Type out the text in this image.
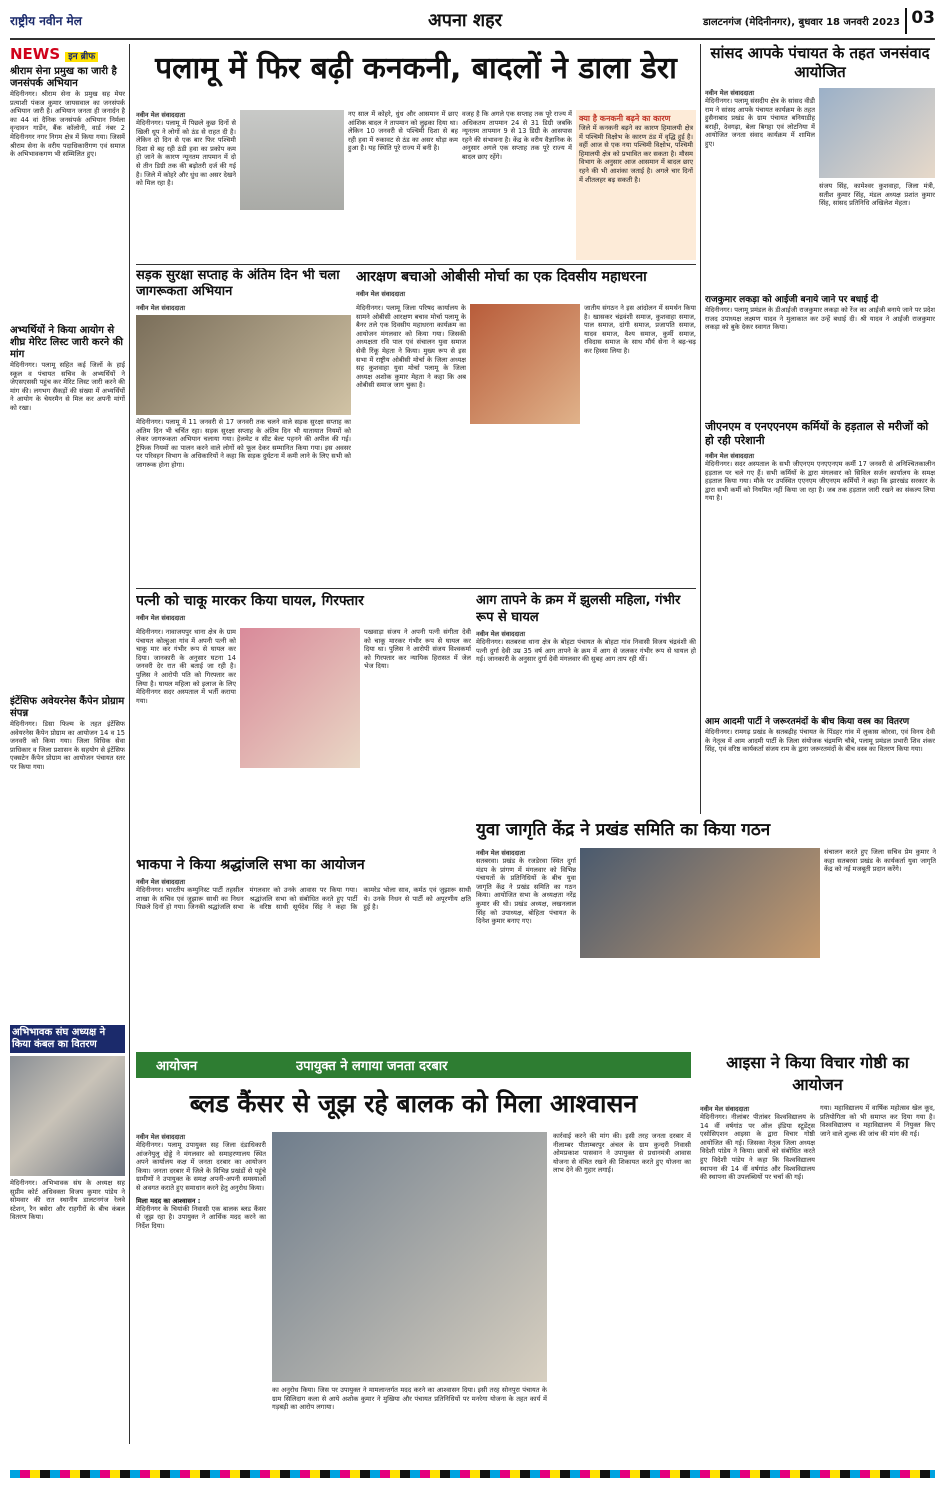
राष्ट्रीय नवीन मेल	अपना शहर	डालटनगंज (मेदिनीनगर), बुधवार 18 जनवरी 2023 03
NEWS इन ब्रीफ
श्रीराम सेना प्रमुख का जारी है जनसंपर्क अभियान
मेदिनीनगर। श्रीराम सेना के प्रमुख सह मेयर प्रत्याशी पंकज कुमार जायसवाल का जनसंपर्क अभियान जारी है। अभियान जनता ही जनार्दन है का 44 वां दैनिक जनसंपर्क अभियान निर्मला वृन्दावन गार्डेन, बैंक कॉलोनी, वार्ड नंबर 2 मेदिनीनगर नगर निगम क्षेत्र में किया गया। जिसमें श्रीराम सेना के वरीय पदाधिकारीगण एवं समाज के अभिभावकगण भी सम्मिलित हुए।
अभ्यर्थियों ने किया आयोग से शीघ्र मेरिट लिस्ट जारी करने की मांग
मेदिनीनगर। पलामू सहित कई जिलों के हाई स्कूल व पंचायत सचिव के अभ्यर्थियों ने जेएसएससी पहुंच कर मेरिट लिस्ट जारी करने की मांग की। लगभग सैकड़ों की संख्या में अभ्यर्थियों ने आयोग के चेयरमैन से मिल कर अपनी मांगों को रखा।
इंटेंसिफ अवेयरनेस कैंपेन प्रोग्राम संपन्न
मेदिनीनगर। डिसा फिल्म के तहत इंटेंसिफ अवेयरनेस कैंपेन प्रोग्राम का आयोजन 14 व 15 जनवरी को किया गया। जिला विधिक सेवा प्राधिकार व जिला प्रशासन के सहयोग से इंटेंसिफ एक्सटेन कैंपेन प्रोग्राम का आयोजन पंचायत स्तर पर किया गया।
अभिभावक संघ अध्यक्ष ने किया कंबल का वितरण
मेदिनीनगर। अभिभावक संघ के अध्यक्ष सह सुप्रीम कोर्ट अधिवक्ता विजय कुमार पांडेय ने सोमवार की रात स्थानीय डालटनगंज रेलवे स्टेशन, रैन बसेरा और राहगीरों के बीच कंबल वितरण किया।
पलामू में फिर बढ़ी कनकनी, बादलों ने डाला डेरा
नवीन मेल संवाददाता
मेदिनीनगर। पलामू में पिछले कुछ दिनों से खिली धूप ने लोगों को ठंड से राहत दी है। लेकिन दो दिन से एक बार फिर पश्चिमी दिशा से बह रही ठंडी हवा का प्रकोप कम हो जाने के कारण न्यूनतम तापमान में दो से तीन डिग्री तक की बढ़ोतरी दर्ज की गई है। जिले में कोहरे और धुंध का असर देखने को मिल रहा है।
नए साल में कोहरे, धुंध और आसमान में छाए आंशिक बादल ने तापमान को लुढ़का दिया था। लेकिन 10 जनवरी से पश्चिमी दिशा से बह रही हवा में रुकावट से ठंड का असर थोड़ा कम हुआ है। यह स्थिति पूरे राज्य में बनी है।
वजह है कि अगले एक सप्ताह तक पूरे राज्य में अधिकतम तापमान 24 से 31 डिग्री जबकि न्यूनतम तापमान 9 से 13 डिग्री के आसपास रहने की संभावना है। केंद्र के वरीय वैज्ञानिक के अनुसार अगले एक सप्ताह तक पूरे राज्य में बादल छाए रहेंगे।
क्या है कनकनी बढ़ने का कारण
जिले में कनकनी बढ़ने का कारण हिमालयी क्षेत्र में पश्चिमी विक्षोभ के कारण ठंड में वृद्धि हुई है। वहीं आज से एक नया पश्चिमी विक्षोभ, पश्चिमी हिमालयी क्षेत्र को प्रभावित कर सकता है। मौसम विभाग के अनुसार आज आसमान में बादल छाए रहने की भी आशंका जताई है। अगले चार दिनों में शीतलहर बढ़ सकती है।
सड़क सुरक्षा सप्ताह के अंतिम दिन भी चला जागरूकता अभियान
नवीन मेल संवाददाता
मेदिनीनगर। पलामू में 11 जनवरी से 17 जनवरी तक चलने वाले सड़क सुरक्षा सप्ताह का अंतिम दिन भी चर्चित रहा। सड़क सुरक्षा सप्ताह के अंतिम दिन भी यातायात नियमों को लेकर जागरूकता अभियान चलाया गया। हेलमेट व सीट बेल्ट पहनने की अपील की गई। ट्रैफिक नियमों का पालन करने वाले लोगों को फूल देकर सम्मानित किया गया। इस अवसर पर परिवहन विभाग के अधिकारियों ने कहा कि सड़क दुर्घटना में कमी लाने के लिए सभी को जागरूक होना होगा।
आरक्षण बचाओ ओबीसी मोर्चा का एक दिवसीय महाधरना
नवीन मेल संवाददाता
मेदिनीनगर। पलामू जिला परिषद कार्यालय के सामने ओबीसी आरक्षण बचाव मोर्चा पलामू के बैनर तले एक दिवसीय महाधरना कार्यक्रम का आयोजन मंगलवार को किया गया। जिसकी अध्यक्षता रवि पाल एवं संचालन युवा समाज सेवी रिंकू मेहता ने किया। मुख्य रूप से इस सभा में राष्ट्रीय ओबीसी मोर्चा के जिला अध्यक्ष सह कुशवाहा युवा मोर्चा पलामू के जिला अध्यक्ष अशोक कुमार मेहता ने कहा कि अब ओबीसी समाज जाग चुका है।
जातीय संगठन ने इस आंदोलन में समर्थन किया है। खासकर चंद्रवंशी समाज, कुशवाहा समाज, पाल समाज, दांगी समाज, प्रजापति समाज, यादव समाज, वैश्य समाज, कुर्मी समाज, रविदास समाज के साथ मौर्य सेना ने बढ़-चढ़ कर हिस्सा लिया है।
पत्नी को चाकू मारकर किया घायल, गिरफ्तार
नवीन मेल संवाददाता
मेदिनीनगर। नावाजयपुर थाना क्षेत्र के ग्राम पंचायत कोल्हुआ गांव में अपनी पत्नी को चाकू मार कर गंभीर रूप से घायल कर दिया। जानकारी के अनुसार घटना 14 जनवरी देर रात की बताई जा रही है। पुलिस ने आरोपी पति को गिरफ्तार कर लिया है। घायल महिला को इलाज के लिए मेदिनीनगर सदर अस्पताल में भर्ती कराया गया।
पखवाड़ा संजय ने अपनी पत्नी संगीता देवी को चाकू मारकर गंभीर रूप से घायल कर दिया था। पुलिस ने आरोपी संजय विश्वकर्मा को गिरफ्तार कर न्यायिक हिरासत में जेल भेज दिया।
आग तापने के क्रम में झुलसी महिला, गंभीर रूप से घायल
नवीन मेल संवाददाता
मेदिनीनगर। सतबरवा थाना क्षेत्र के बोहटा पंचायत के बोहटा गांव निवासी विजय चंद्रवंशी की पत्नी दुर्गा देवी उम्र 35 वर्ष आग तापने के क्रम में आग से जलकर गंभीर रूप से घायल हो गई। जानकारी के अनुसार दुर्गा देवी मंगलवार की सुबह आग ताप रही थीं।
भाकपा ने किया श्रद्धांजलि सभा का आयोजन
नवीन मेल संवाददाता
मेदिनीनगर। भारतीय कम्युनिस्ट पार्टी तहसील शाखा के सचिव एवं जुझारू साथी का निधन पिछले दिनों हो गया। जिनकी श्रद्धांजलि सभा मंगलवार को उनके आवास पर किया गया। श्रद्धांजलि सभा को संबोधित करते हुए पार्टी के वरिष्ठ साथी सूर्यदेव सिंह ने कहा कि कामरेड भोला साव, कर्मठ एवं जुझारू साथी थे। उनके निधन से पार्टी को अपूरणीय क्षति हुई है।
युवा जागृति केंद्र ने प्रखंड समिति का किया गठन
नवीन मेल संवाददाता
सतबरवा। प्रखंड के रजडेरवा स्थित दुर्गा मंडप के प्रांगण में मंगलवार को विभिन्न पंचायतों के प्रतिनिधियों के बीच युवा जागृति केंद्र ने प्रखंड समिति का गठन किया। आयोजित सभा के अध्यक्षता नरेंद्र कुमार की थी। प्रखंड अध्यक्ष, लखनलाल सिंह को उपाध्यक्ष, बोहिता पंचायत के दिनेश कुमार बनाए गए।
संचालन करते हुए जिला सचिव प्रेम कुमार ने कहा सतबरवा प्रखंड के कार्यकर्ता युवा जागृति केंद्र को नई मजबूती प्रदान करेंगे।
सांसद आपके पंचायत के तहत जनसंवाद आयोजित
नवीन मेल संवाददाता
मेदिनीनगर। पलामू संसदीय क्षेत्र के सांसद वीडी राम ने सांसद आपके पंचायत कार्यक्रम के तहत हुसैनाबाद प्रखंड के ग्राम पंचायत बनियाडीह बराही, देवगढ़ा, बेला बिगहा एवं लोटनिया में आयोजित जनता संवाद कार्यक्रम में शामिल हुए।
संजय सिंह, कामेश्वर कुशवाहा, जिला मंत्री, सतीश कुमार सिंह, मंडल अध्यक्ष प्रशांत कुमार सिंह, सांसद प्रतिनिधि अखिलेश मेहता।
राजकुमार लकड़ा को आईजी बनाये जाने पर बधाई दी
मेदिनीनगर। पलामू प्रमंडल के डीआईजी राजकुमार लकड़ा को रेंज का आईजी बनाये जाने पर प्रदेश राजद उपाध्यक्ष लक्ष्मण यादव ने मुलाकात कर उन्हें बधाई दी। श्री यादव ने आईजी राजकुमार लकड़ा को बुके देकर स्वागत किया।
जीएनएम व एनएएनएम कर्मियों के हड़ताल से मरीजों को हो रही परेशानी
नवीन मेल संवाददाता
मेदिनीनगर। सदर अस्पताल के सभी जीएनएम एनएएनएम कर्मी 17 जनवरी से अनिश्चितकालीन हड़ताल पर चले गए हैं। सभी कर्मियों के द्वारा मंगलवार को सिविल सर्जन कार्यालय के समक्ष हड़ताल किया गया। मौके पर उपस्थित एएनएम जीएनएम कर्मियों ने कहा कि झारखंड सरकार के द्वारा सभी कर्मी को नियमित नहीं किया जा रहा है। जब तक हड़ताल जारी रखने का संकल्प लिया गया है।
आम आदमी पार्टी ने जरूरतमंदों के बीच किया वस्त्र का वितरण
मेदिनीनगर। रामगढ़ प्रखंड के सतबढ़ीह पंचायत के पिंडहर गांव में लुकास कोरवा, एवं विनय देवी के नेतृत्व में आम आदमी पार्टी के जिला संयोजक चंद्रमणि चौबे, पलामू प्रमंडल प्रभारी शिव शंकर सिंह, एवं वरिष्ठ कार्यकर्ता संजय राम के द्वारा जरूरतमंदों के बीच वस्त्र का वितरण किया गया।
आयोजन	उपायुक्त ने लगाया जनता दरबार
ब्लड कैंसर से जूझ रहे बालक को मिला आश्वासन
नवीन मेल संवाददाता
मेदिनीनगर। पलामू उपायुक्त सह जिला दंडाधिकारी आंजनेयुलु दोड्डे ने मंगलवार को समाहरणालय स्थित अपने कार्यालय कक्ष में जनता दरबार का आयोजन किया। जनता दरबार में जिले के विभिन्न प्रखंडों से पहुंचे ग्रामीणों ने उपायुक्त के समक्ष अपनी-अपनी समस्याओं से अवगत कराते हुए समाधान करने हेतु अनुरोध किया।
मिला मदद का आश्वासन :
मेदिनीनगर के चियांकी निवासी एक बालक ब्लड कैंसर से जूझ रहा है। उपायुक्त ने आर्थिक मदद करने का निर्देश दिया।
का अनुरोध किया। जिस पर उपायुक्त ने मामलान्तर्गत मदद करने का आश्वासन दिया। इसी तरह सोनपुरा पंचायत के ग्राम सिलिदाग कला से आये अशोक कुमार ने मुखिया और पंचायत प्रतिनिधियों पर मनरेगा योजना के तहत कार्य में गड़बड़ी का आरोप लगाया।
कार्रवाई करने की मांग की। इसी तरह जनता दरबार में नीलाम्बर पीताम्बरपुर अंचल के ग्राम कुन्दरी निवासी ओमप्रकाश पासवान ने उपायुक्त से प्रधानमंत्री आवास योजना से वंचित रखने की शिकायत करते हुए योजना का लाभ देने की गुहार लगाई।
आइसा ने किया विचार गोष्ठी का आयोजन
नवीन मेल संवाददाता
मेदिनीनगर। नीलांबर पीतांबर विश्वविद्यालय के 14 वीं वर्षगांठ पर ऑल इंडिया स्टूडेंट्स एसोसिएशन आइसा के द्वारा विचार गोष्ठी आयोजित की गई। जिसका नेतृत्व जिला अध्यक्ष विदेशी पांडेय ने किया। छात्रों को संबोधित करते हुए विदेशी पांडेय ने कहा कि विश्वविद्यालय स्थापना की 14 वीं वर्षगांठ और विश्वविद्यालय की स्थापना की उपलब्धियों पर चर्चा की गई।
गया। महाविद्यालय में वार्षिक महोत्सव खेल कूद, प्रतियोगिता को भी समाप्त कर दिया गया है। विश्वविद्यालय व महाविद्यालय में नियुक्त किए जाने वाले शुल्क की जांच की मांग की गई।
